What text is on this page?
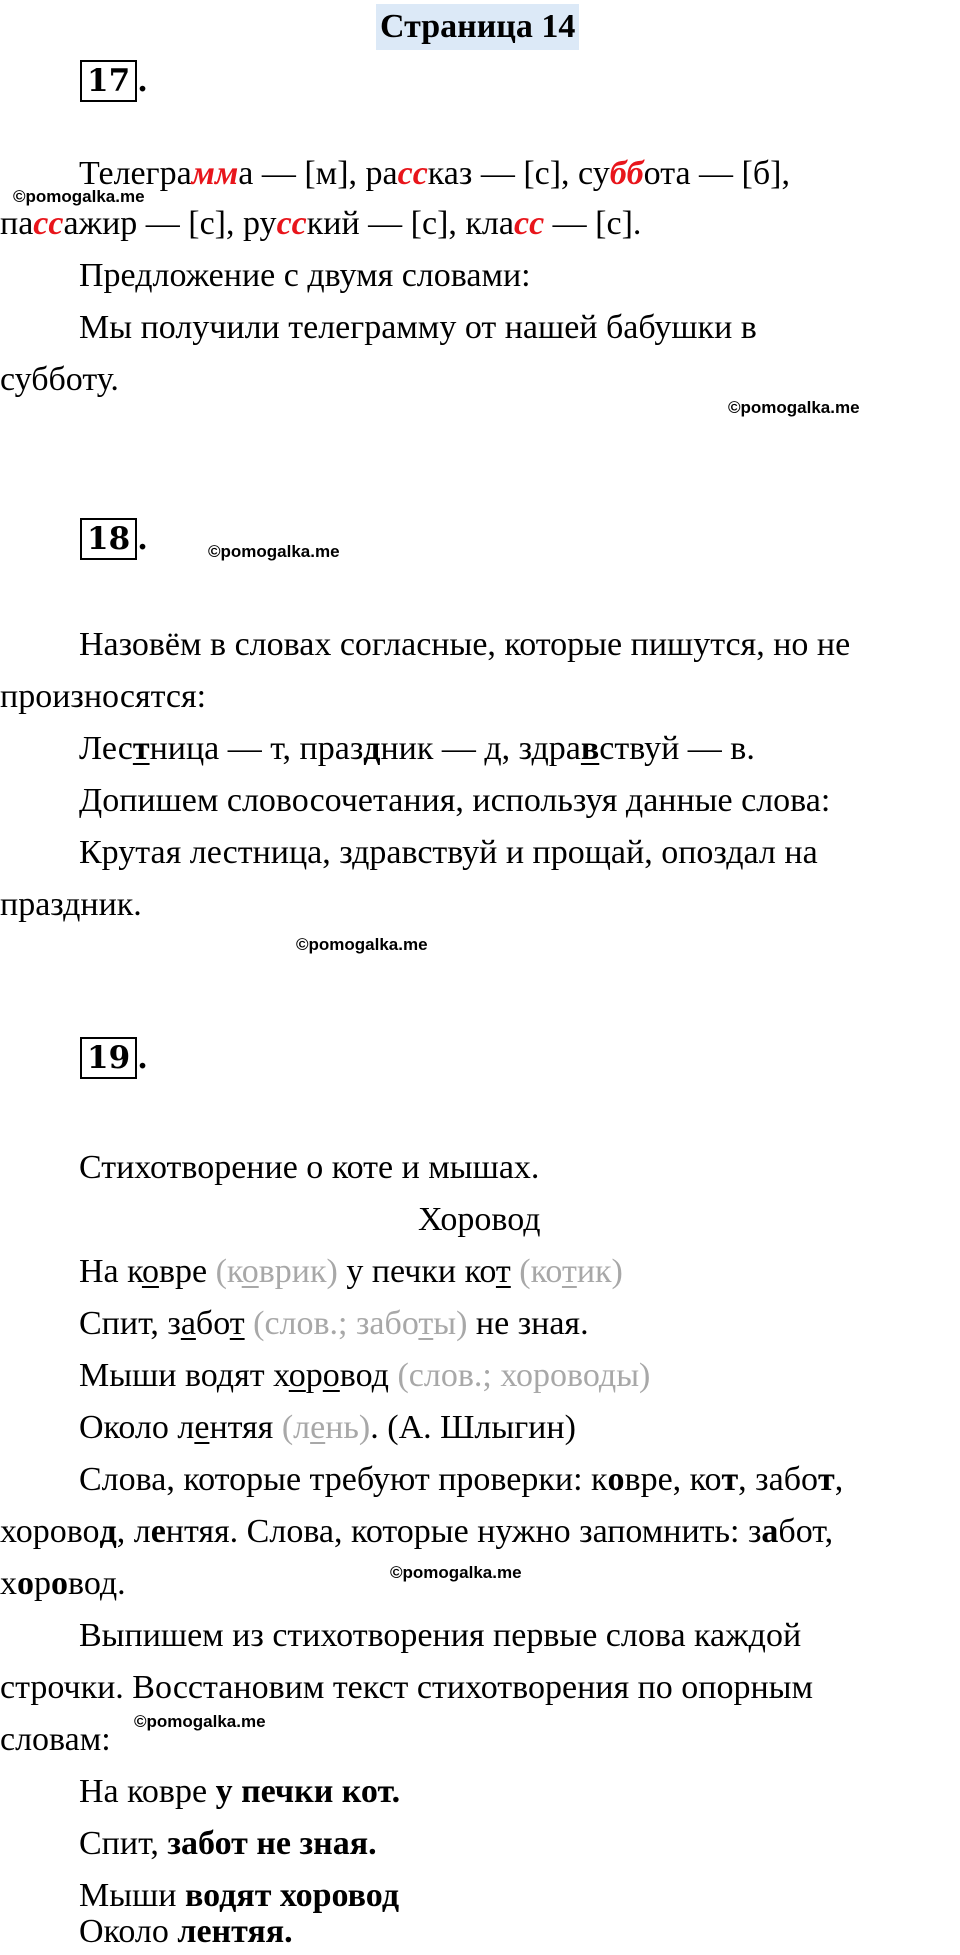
Страница 14
17 .
Телеграмма — [м], рассказ — [с], суббота — [б],
©pomogalka.me
пассажир — [с], русский — [с], класс — [с].
Предложение с двумя словами:
Мы получили телеграмму от нашей бабушки в
субботу.
©pomogalka.me
18 .	©pomogalka.me
Назовём в словах согласные, которые пишутся, но не
произносятся:
Лестница — т, праздник — д, здравствуй — в.
Допишем словосочетания, используя данные слова:
Крутая лестница, здравствуй и прощай, опоздал на
праздник.
©pomogalka.me
19 .
Стихотворение о коте и мышах.
Хоровод
На ковре (коврик) у печки кот (котик)
Спит, забот (слов.; заботы) не зная.
Мыши водят хоровод (слов.; хороводы)
Около лентяя (лень). (А. Шлыгин)
Слова, которые требуют проверки: ковре, кот, забот,
хоровод, лентяя. Слова, которые нужно запомнить: забот,
хоровод.	©pomogalka.me
Выпишем из стихотворения первые слова каждой
строчки. Восстановим текст стихотворения по опорным
словам: ©pomogalka.me
На ковре у печки кот.
Спит, забот не зная.
Мыши водят хоровод
Около лентяя.
